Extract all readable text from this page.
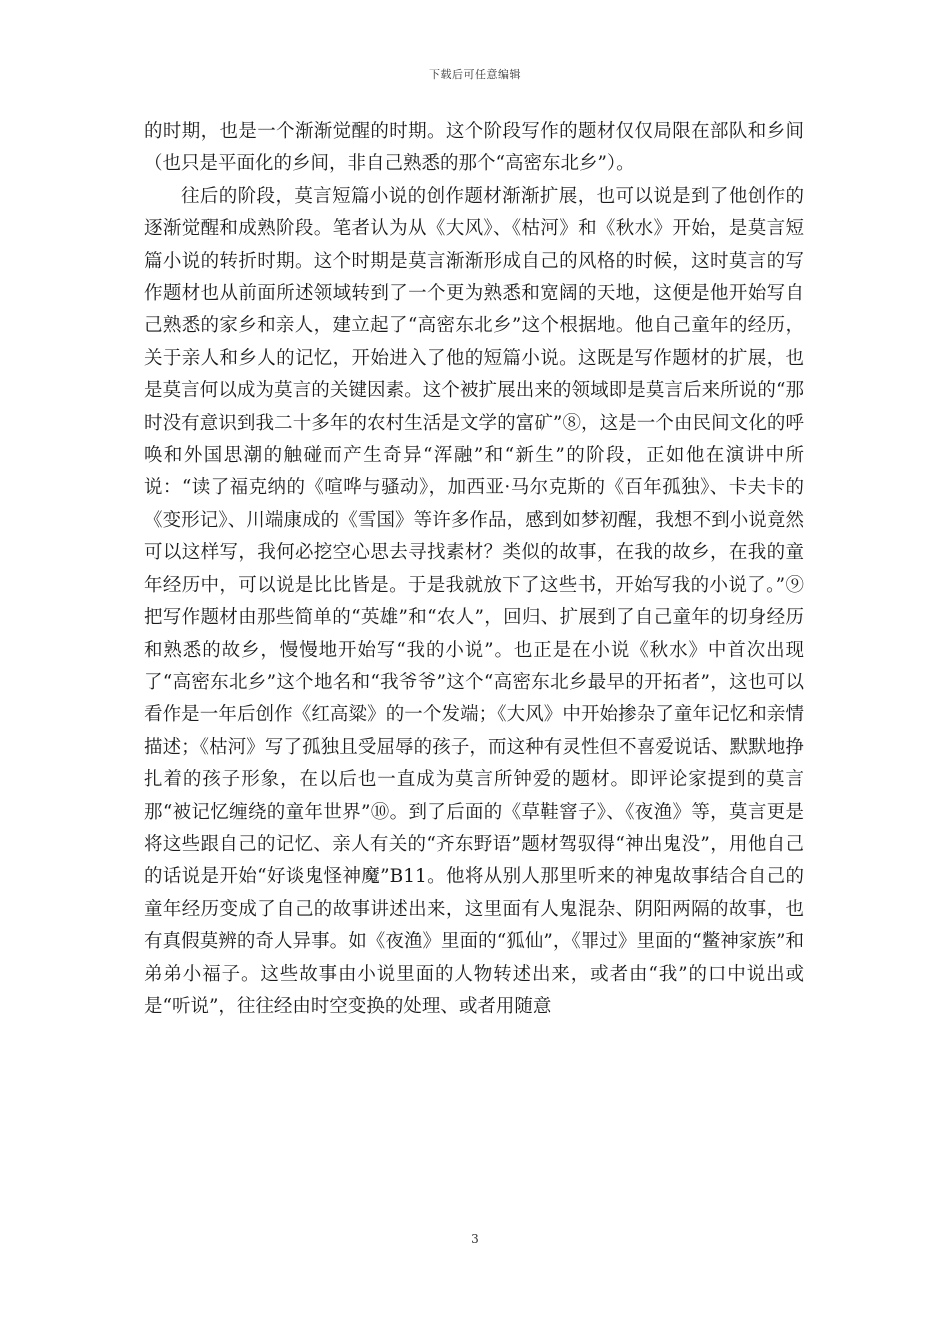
下载后可任意编辑

的时期，也是一个渐渐觉醒的时期。这个阶段写作的题材仅仅局限在部队和乡间（也只是平面化的乡间，非自己熟悉的那个“高密东北乡”）。

往后的阶段，莫言短篇小说的创作题材渐渐扩展，也可以说是到了他创作的逐渐觉醒和成熟阶段。笔者认为从《大风》、《枯河》和《秋水》开始，是莫言短篇小说的转折时期。这个时期是莫言渐渐形成自己的风格的时候，这时莫言的写作题材也从前面所述领域转到了一个更为熟悉和宽阔的天地，这便是他开始写自己熟悉的家乡和亲人，建立起了“高密东北乡”这个根据地。他自己童年的经历，关于亲人和乡人的记忆，开始进入了他的短篇小说。这既是写作题材的扩展，也是莫言何以成为莫言的关键因素。这个被扩展出来的领域即是莫言后来所说的“那时没有意识到我二十多年的农村生活是文学的富矿”⑧，这是一个由民间文化的呼唤和外国思潮的触碰而产生奇异“浑融”和“新生”的阶段，正如他在演讲中所说：“读了福克纳的《喧哗与骚动》，加西亚·马尔克斯的《百年孤独》、卡夫卡的《变形记》、川端康成的《雪国》等许多作品，感到如梦初醒，我想不到小说竟然可以这样写，我何必挖空心思去寻找素材？类似的故事，在我的故乡，在我的童年经历中，可以说是比比皆是。于是我就放下了这些书，开始写我的小说了。”⑨把写作题材由那些简单的“英雄”和“农人”，回归、扩展到了自己童年的切身经历和熟悉的故乡，慢慢地开始写“我的小说”。也正是在小说《秋水》中首次出现了“高密东北乡”这个地名和“我爷爷”这个“高密东北乡最早的开拓者”，这也可以看作是一年后创作《红高粱》的一个发端；《大风》中开始掺杂了童年记忆和亲情描述；《枯河》写了孤独且受屈辱的孩子，而这种有灵性但不喜爱说话、默默地挣扎着的孩子形象，在以后也一直成为莫言所钟爱的题材。即评论家提到的莫言那“被记忆缠绕的童年世界”⑩。到了后面的《草鞋窨子》、《夜渔》等，莫言更是将这些跟自己的记忆、亲人有关的“齐东野语”题材驾驭得“神出鬼没”，用他自己的话说是开始“好谈鬼怪神魔”B11。他将从别人那里听来的神鬼故事结合自己的童年经历变成了自己的故事讲述出来，这里面有人鬼混杂、阴阳两隔的故事，也有真假莫辨的奇人异事。如《夜渔》里面的“狐仙”，《罪过》里面的“鳖神家族”和弟弟小福子。这些故事由小说里面的人物转述出来，或者由“我”的口中说出或是“听说”，往往经由时空变换的处理、或者用随意

3
